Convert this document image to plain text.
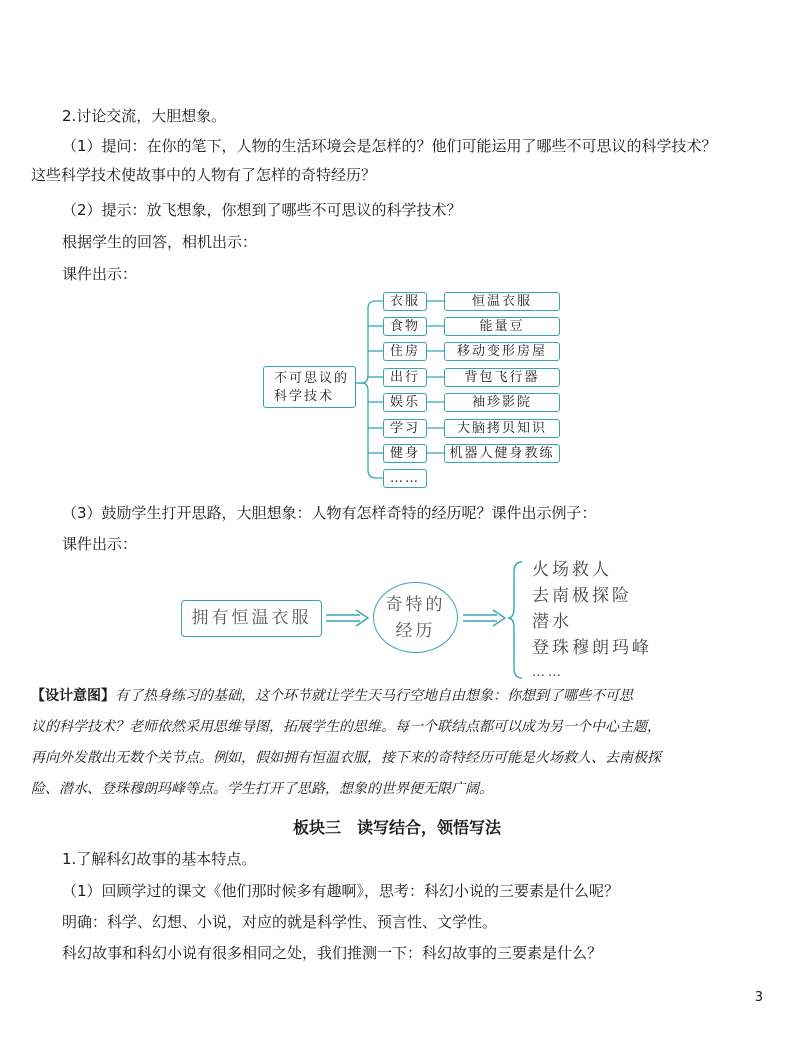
2.讨论交流，大胆想象。
（1）提问：在你的笔下，人物的生活环境会是怎样的？他们可能运用了哪些不可思议的科学技术？
这些科学技术使故事中的人物有了怎样的奇特经历？
（2）提示：放飞想象，你想到了哪些不可思议的科学技术？
根据学生的回答，相机出示：
课件出示：
不可思议的
科学技术
衣服
食物
住房
出行
娱乐
学习
健身
……
恒温衣服
能量豆
移动变形房屋
背包飞行器
袖珍影院
大脑拷贝知识
机器人健身教练
（3）鼓励学生打开思路，大胆想象：人物有怎样奇特的经历呢？课件出示例子：
课件出示：
拥有恒温衣服
奇特的
经历
火场救人
去南极探险
潜水
登珠穆朗玛峰
……
【设计意图】有了热身练习的基础，这个环节就让学生天马行空地自由想象：你想到了哪些不可思
议的科学技术？老师依然采用思维导图，拓展学生的思维。每一个联结点都可以成为另一个中心主题，
再向外发散出无数个关节点。例如，假如拥有恒温衣服，接下来的奇特经历可能是火场救人、去南极探
险、潜水、登珠穆朗玛峰等点。学生打开了思路，想象的世界便无限广阔。
板块三　读写结合，领悟写法
1.了解科幻故事的基本特点。
（1）回顾学过的课文《他们那时候多有趣啊》，思考：科幻小说的三要素是什么呢？
明确：科学、幻想、小说，对应的就是科学性、预言性、文学性。
科幻故事和科幻小说有很多相同之处，我们推测一下：科幻故事的三要素是什么？
3
